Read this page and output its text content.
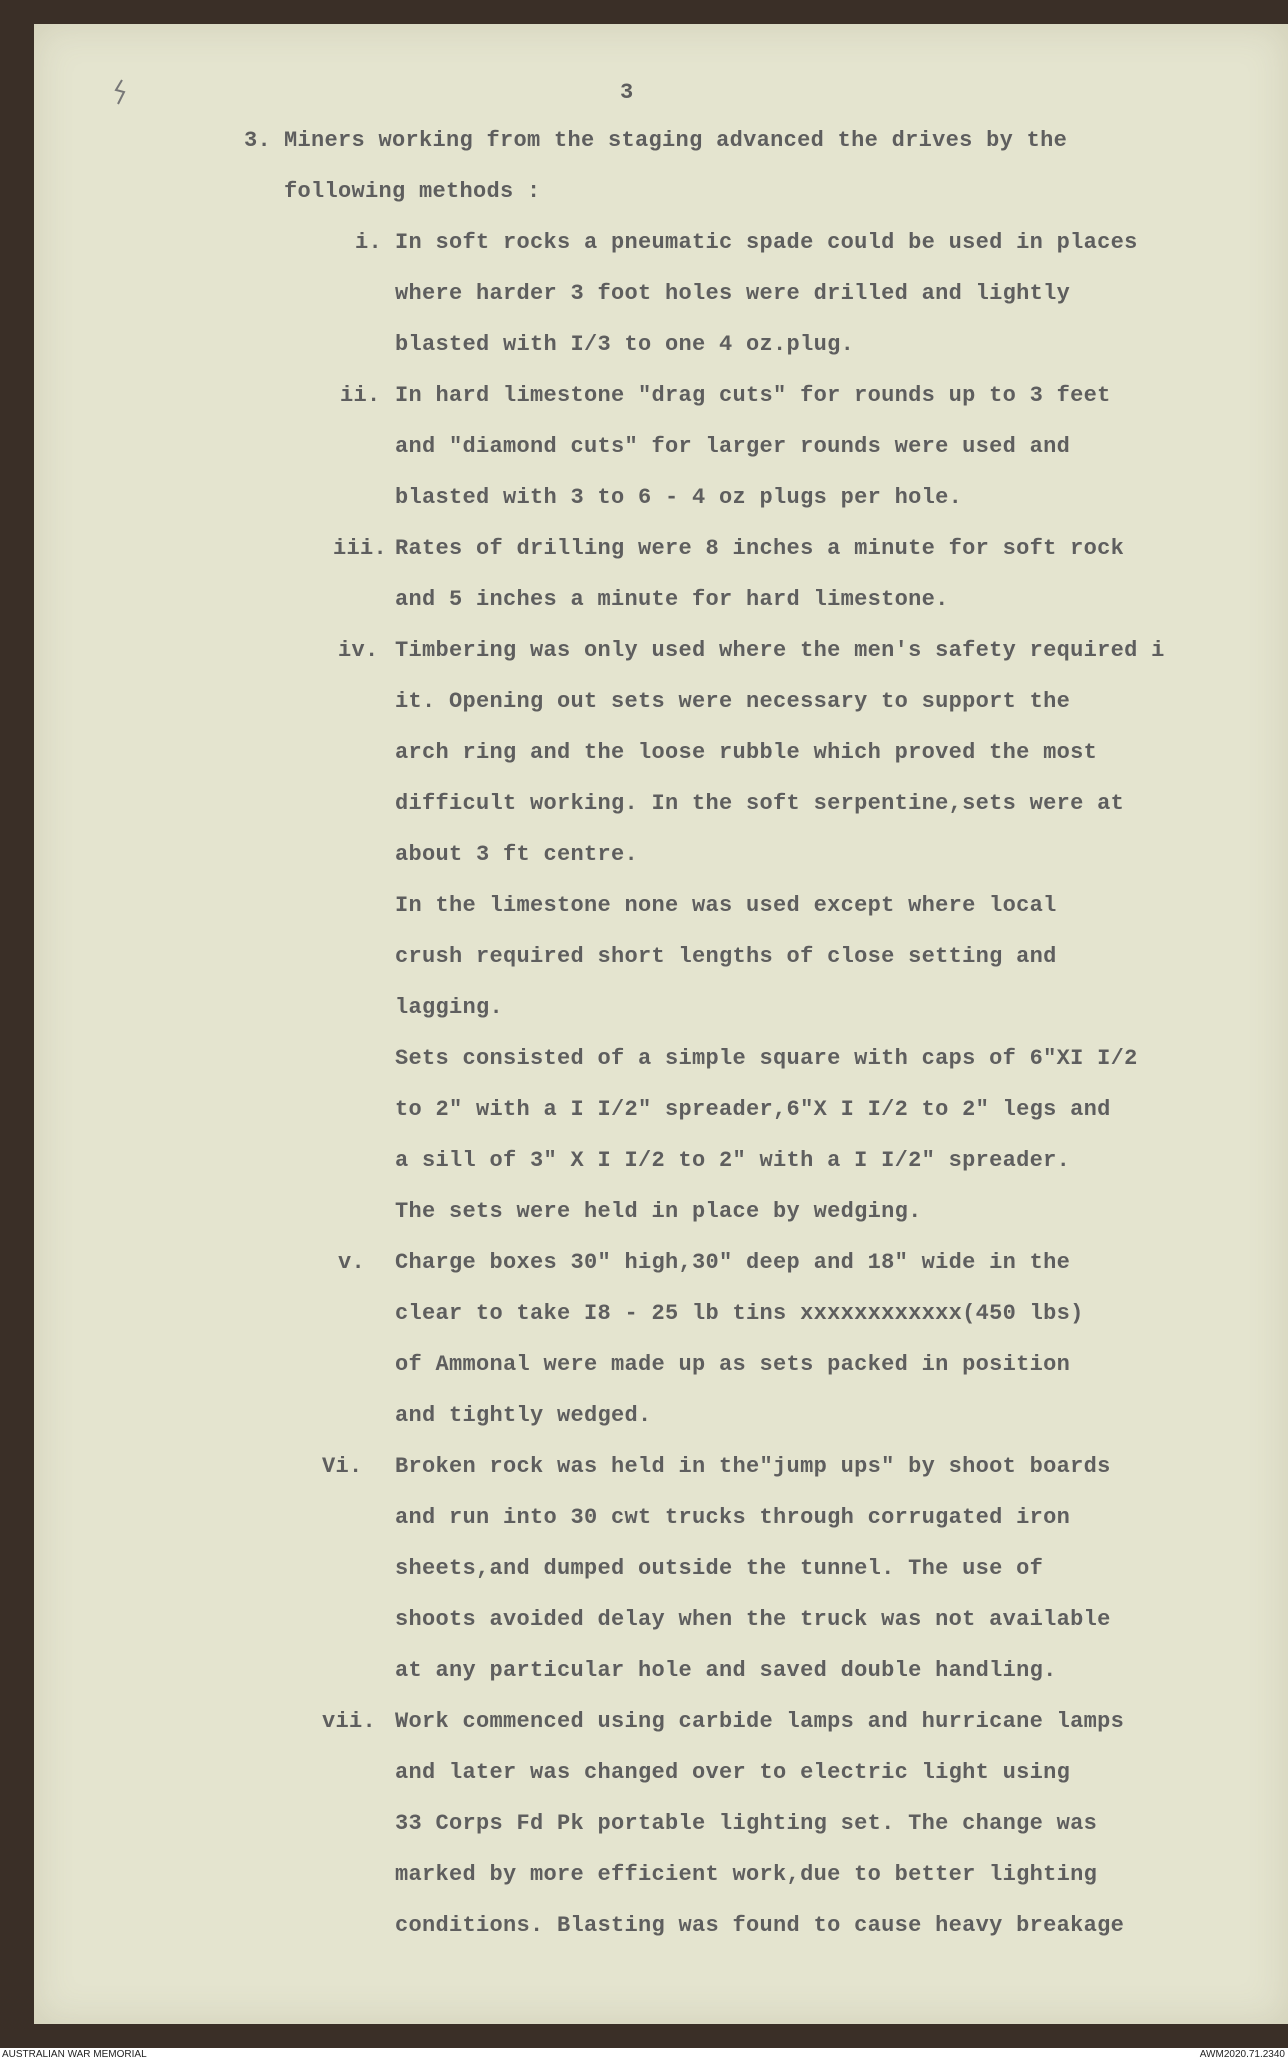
3
3. Miners working from the staging advanced the drives by the
following methods :
i. In soft rocks a pneumatic spade could be used in places
where harder 3 foot holes were drilled and lightly
blasted with I/3 to one 4 oz.plug.
ii. In hard limestone "drag cuts" for rounds up to 3 feet
and "diamond cuts" for larger rounds were used and
blasted with 3 to 6 - 4 oz plugs per hole.
iii. Rates of drilling were 8 inches a minute for soft rock
and 5 inches a minute for hard limestone.
iv. Timbering was only used where the men's safety required i
it. Opening out sets were necessary to support the
arch ring and the loose rubble which proved the most
difficult working. In the soft serpentine,sets were at
about 3 ft centre.
In the limestone none was used except where local
crush required short lengths of close setting and
lagging.
Sets consisted of a simple square with caps of 6"XI I/2
to 2" with a I I/2" spreader,6"X I I/2 to 2" legs and
a sill of 3" X I I/2 to 2" with a I I/2" spreader.
The sets were held in place by wedging.
v. Charge boxes 30" high,30" deep and 18" wide in the
clear to take I8 - 25 lb tins xxxxxxxxxxxx(450 lbs)
of Ammonal were made up as sets packed in position
and tightly wedged.
Vi. Broken rock was held in the"jump ups" by shoot boards
and run into 30 cwt trucks through corrugated iron
sheets,and dumped outside the tunnel. The use of
shoots avoided delay when the truck was not available
at any particular hole and saved double handling.
vii. Work commenced using carbide lamps and hurricane lamps
and later was changed over to electric light using
33 Corps Fd Pk portable lighting set. The change was
marked by more efficient work,due to better lighting
conditions. Blasting was found to cause heavy breakage
AUSTRALIAN WAR MEMORIAL	AWM2020.71.2340
